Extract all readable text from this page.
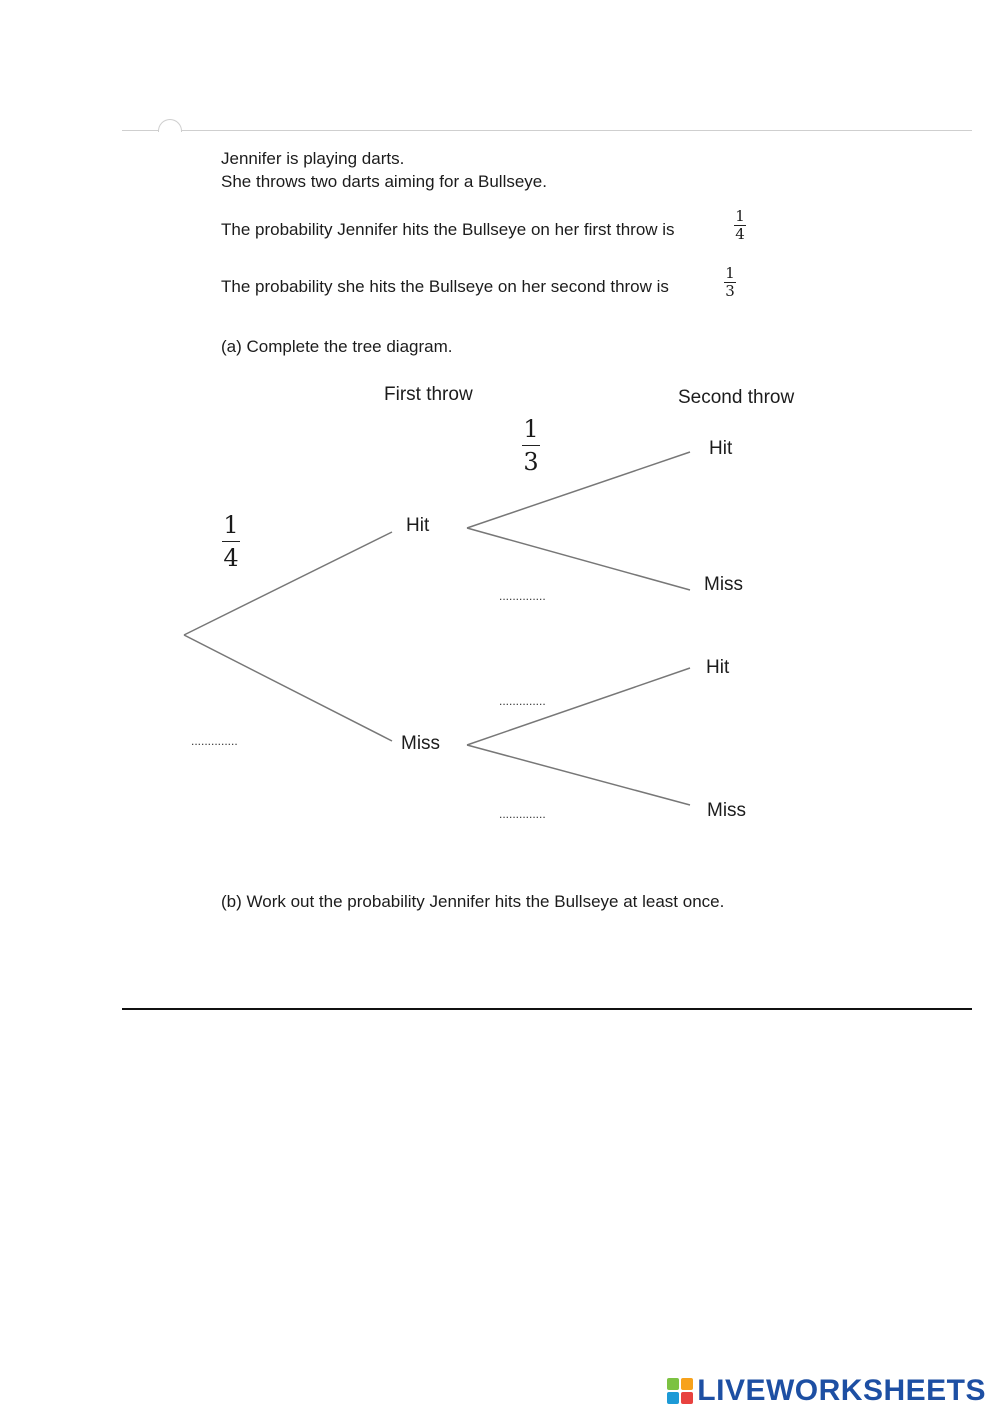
Jennifer is playing darts.
She throws two darts aiming for a Bullseye.
The probability Jennifer hits the Bullseye on her first throw is
1
4
The probability she hits the Bullseye on her second throw is
1
3
(a) Complete the tree diagram.
First throw	Second throw
1
4
1
3
Hit
Miss
Hit
Miss
Hit
Miss
..............
..............
..............
..............
(b) Work out the probability Jennifer hits the Bullseye at least once.
LIVEWORKSHEETS
